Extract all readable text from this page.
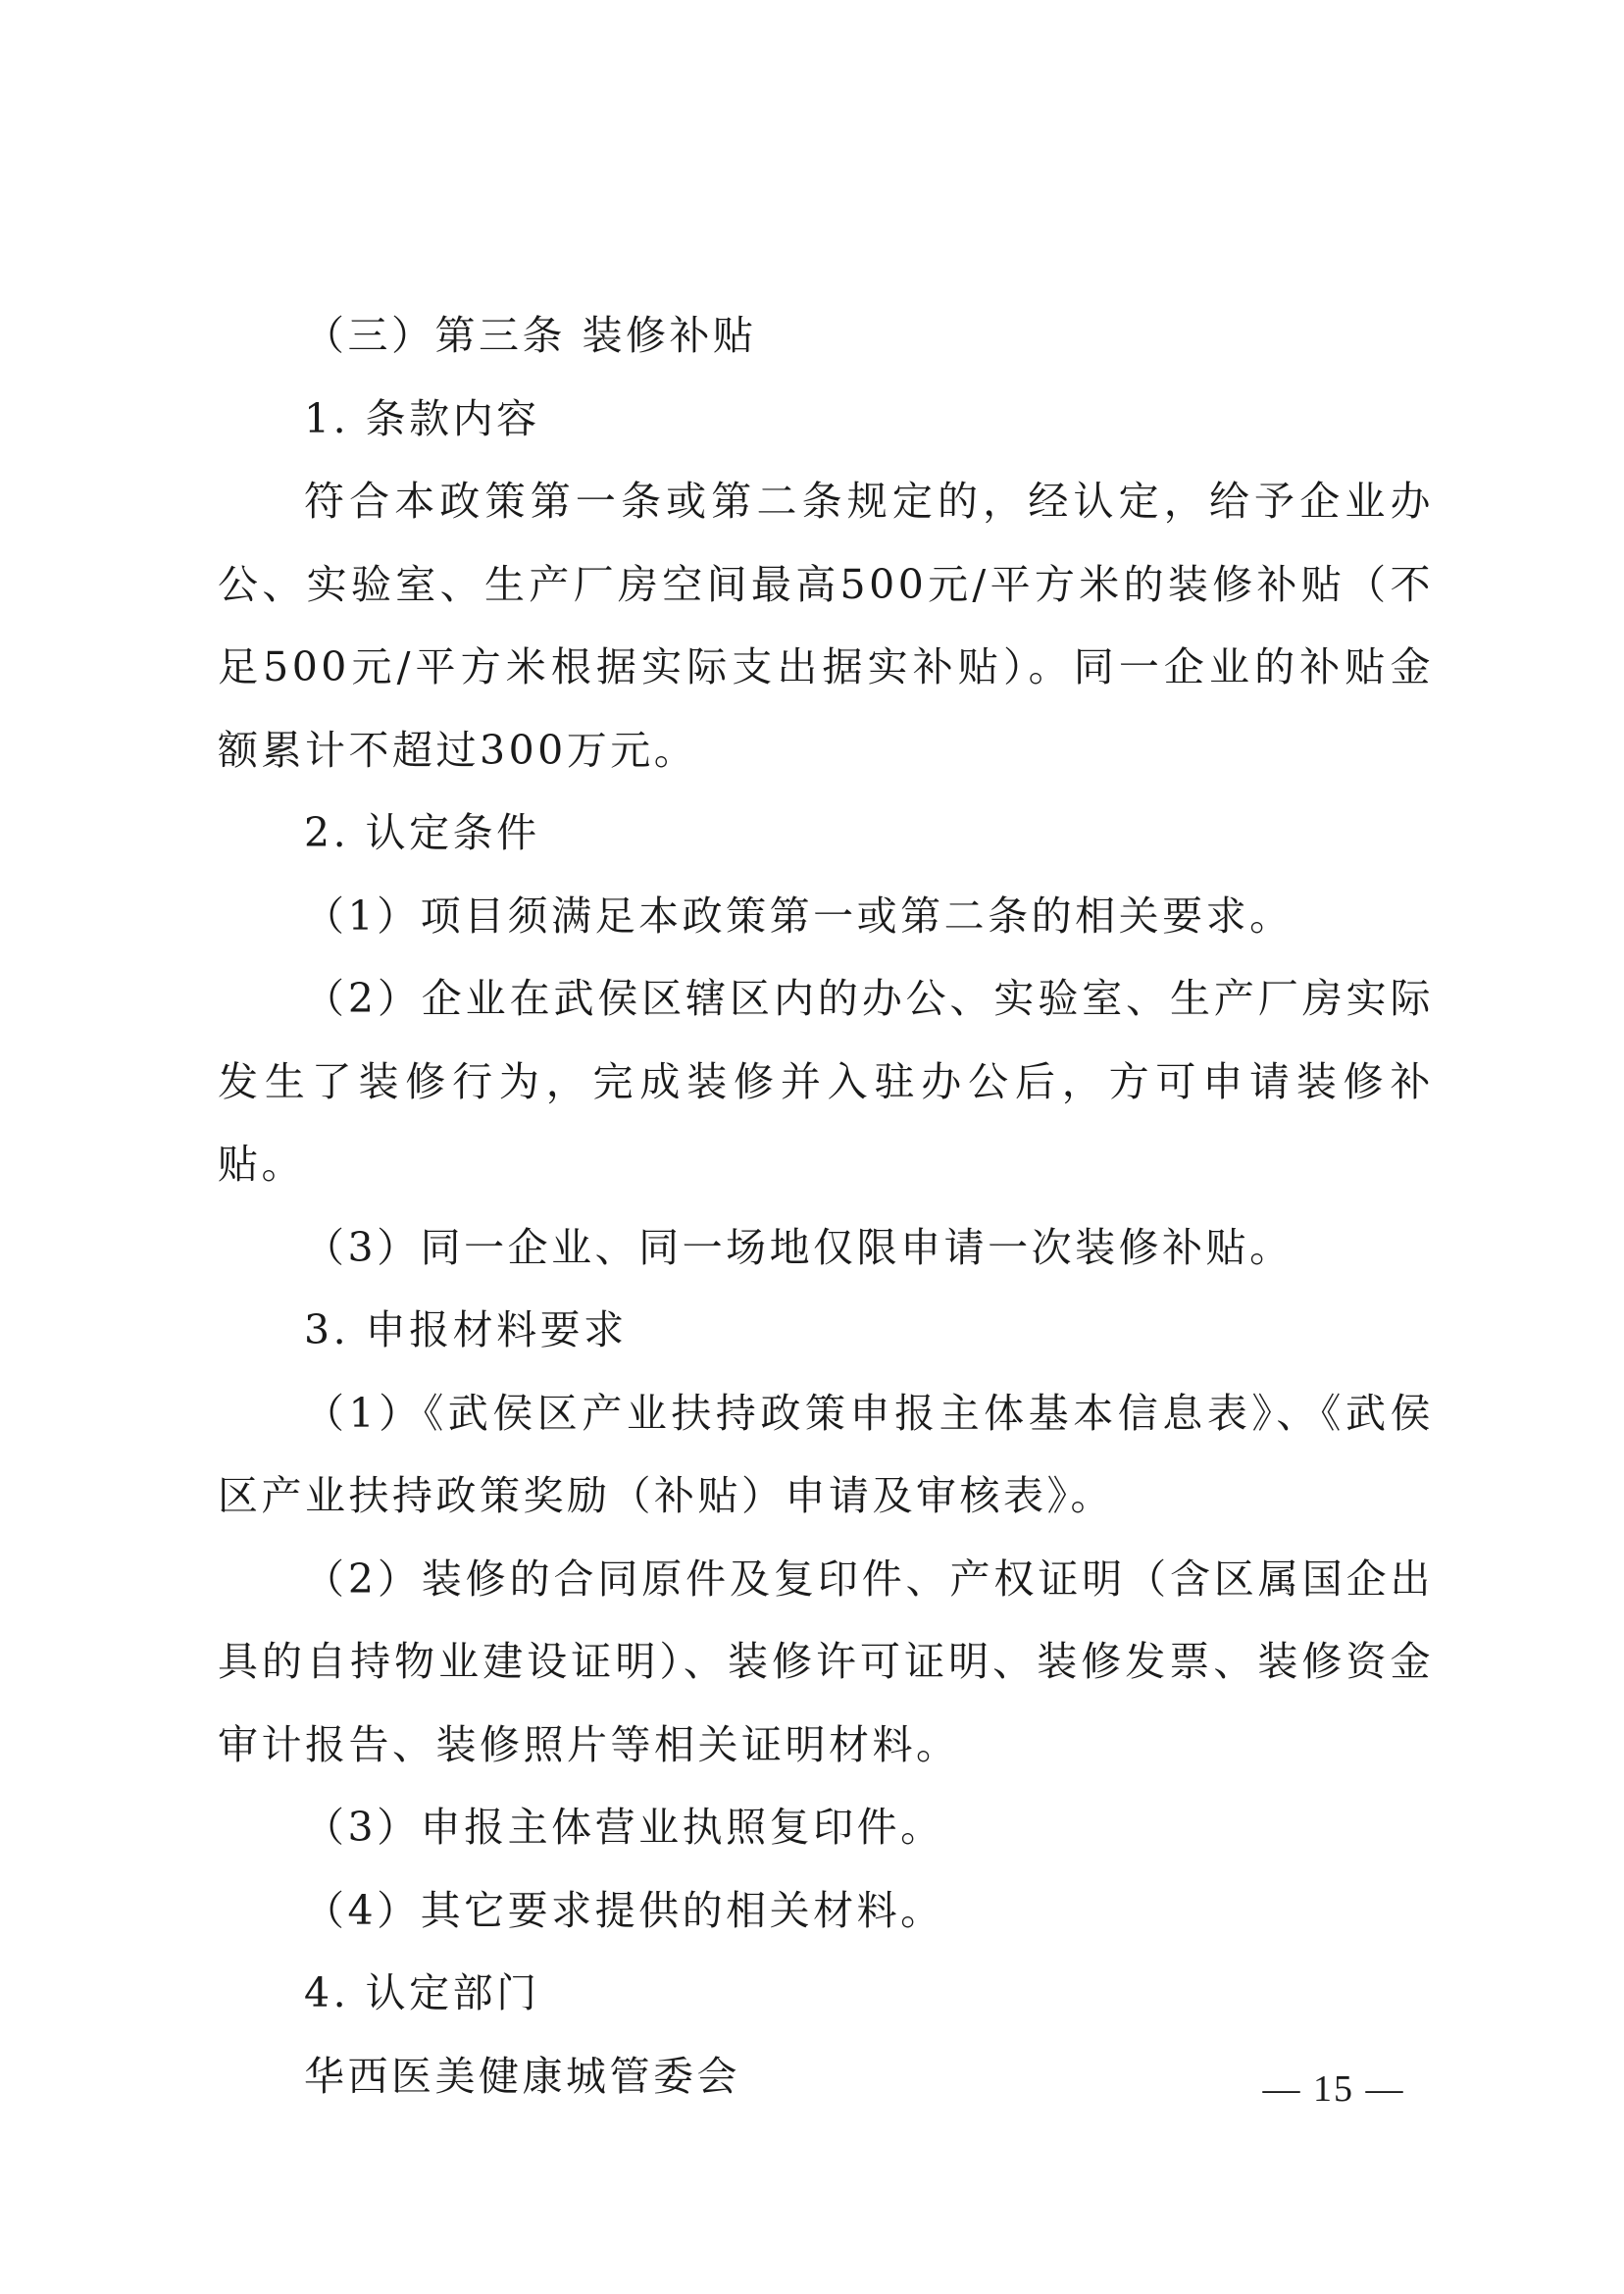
（三）第三条 装修补贴

1. 条款内容

符合本政策第一条或第二条规定的，经认定，给予企业办公、实验室、生产厂房空间最高500元/平方米的装修补贴（不足500元/平方米根据实际支出据实补贴）。同一企业的补贴金额累计不超过300万元。

2. 认定条件

（1）项目须满足本政策第一或第二条的相关要求。

（2）企业在武侯区辖区内的办公、实验室、生产厂房实际发生了装修行为，完成装修并入驻办公后，方可申请装修补贴。

（3）同一企业、同一场地仅限申请一次装修补贴。

3. 申报材料要求

（1）《武侯区产业扶持政策申报主体基本信息表》、《武侯区产业扶持政策奖励（补贴）申请及审核表》。

（2）装修的合同原件及复印件、产权证明（含区属国企出具的自持物业建设证明）、装修许可证明、装修发票、装修资金审计报告、装修照片等相关证明材料。

（3）申报主体营业执照复印件。

（4）其它要求提供的相关材料。

4. 认定部门

华西医美健康城管委会	— 15 —
